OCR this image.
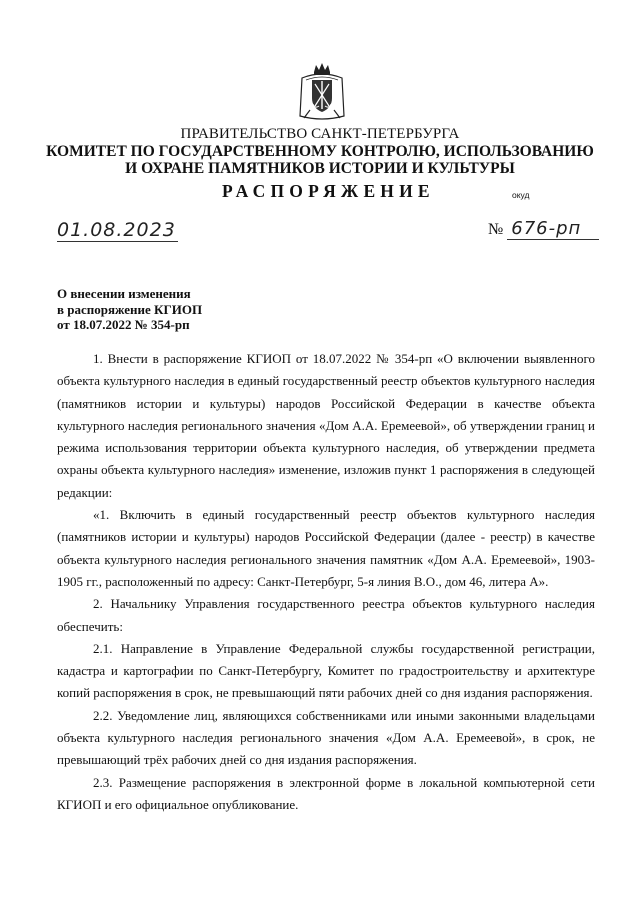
ПРАВИТЕЛЬСТВО САНКТ-ПЕТЕРБУРГА
КОМИТЕТ ПО ГОСУДАРСТВЕННОМУ КОНТРОЛЮ, ИСПОЛЬЗОВАНИЮ
И ОХРАНЕ ПАМЯТНИКОВ ИСТОРИИ И КУЛЬТУРЫ
РАСПОРЯЖЕНИЕ	окуд
01.08.2023	№ 676-рп
О внесении изменения
в распоряжение КГИОП
от 18.07.2022 № 354-рп

1. Внести в распоряжение КГИОП от 18.07.2022 № 354-рп «О включении выявленного объекта культурного наследия в единый государственный реестр объектов культурного наследия (памятников истории и культуры) народов Российской Федерации в качестве объекта культурного наследия регионального значения «Дом А.А. Еремеевой», об утверждении границ и режима использования территории объекта культурного наследия, об утверждении предмета охраны объекта культурного наследия» изменение, изложив пункт 1 распоряжения в следующей редакции:

«1. Включить в единый государственный реестр объектов культурного наследия (памятников истории и культуры) народов Российской Федерации (далее - реестр) в качестве объекта культурного наследия регионального значения памятник «Дом А.А. Еремеевой», 1903-1905 гг., расположенный по адресу: Санкт-Петербург, 5-я линия В.О., дом 46, литера А».

2. Начальнику Управления государственного реестра объектов культурного наследия обеспечить:

2.1. Направление в Управление Федеральной службы государственной регистрации, кадастра и картографии по Санкт-Петербургу, Комитет по градостроительству и архитектуре копий распоряжения в срок, не превышающий пяти рабочих дней со дня издания распоряжения.

2.2. Уведомление лиц, являющихся собственниками или иными законными владельцами объекта культурного наследия регионального значения «Дом А.А. Еремеевой», в срок, не превышающий трёх рабочих дней со дня издания распоряжения.

2.3. Размещение распоряжения в электронной форме в локальной компьютерной сети КГИОП и его официальное опубликование.
